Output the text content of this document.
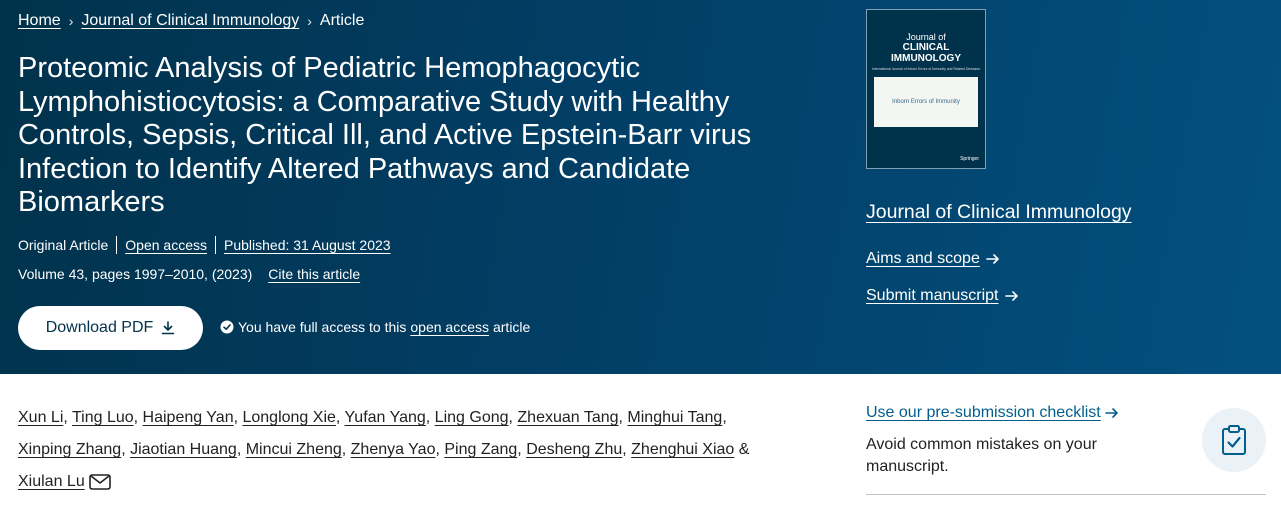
Home › Journal of Clinical Immunology › Article
Proteomic Analysis of Pediatric Hemophagocytic Lymphohistiocytosis: a Comparative Study with Healthy Controls, Sepsis, Critical Ill, and Active Epstein-Barr virus Infection to Identify Altered Pathways and Candidate Biomarkers
Original Article	Open access	Published: 31 August 2023
Volume 43, pages 1997–2010, (2023) Cite this article
Download PDF	You have full access to this open access article
Journal of
CLINICAL
IMMUNOLOGY
International Journal of Inborn Errors of Immunity and Related Diseases
Inborn Errors of Immunity
Springer
Journal of Clinical Immunology
Aims and scope
Submit manuscript
Xun Li, Ting Luo, Haipeng Yan, Longlong Xie, Yufan Yang, Ling Gong, Zhexuan Tang, Minghui Tang,
Xinping Zhang, Jiaotian Huang, Mincui Zheng, Zhenya Yao, Ping Zang, Desheng Zhu, Zhenghui Xiao &
Xiulan Lu
Use our pre-submission checklist
Avoid common mistakes on your manuscript.
